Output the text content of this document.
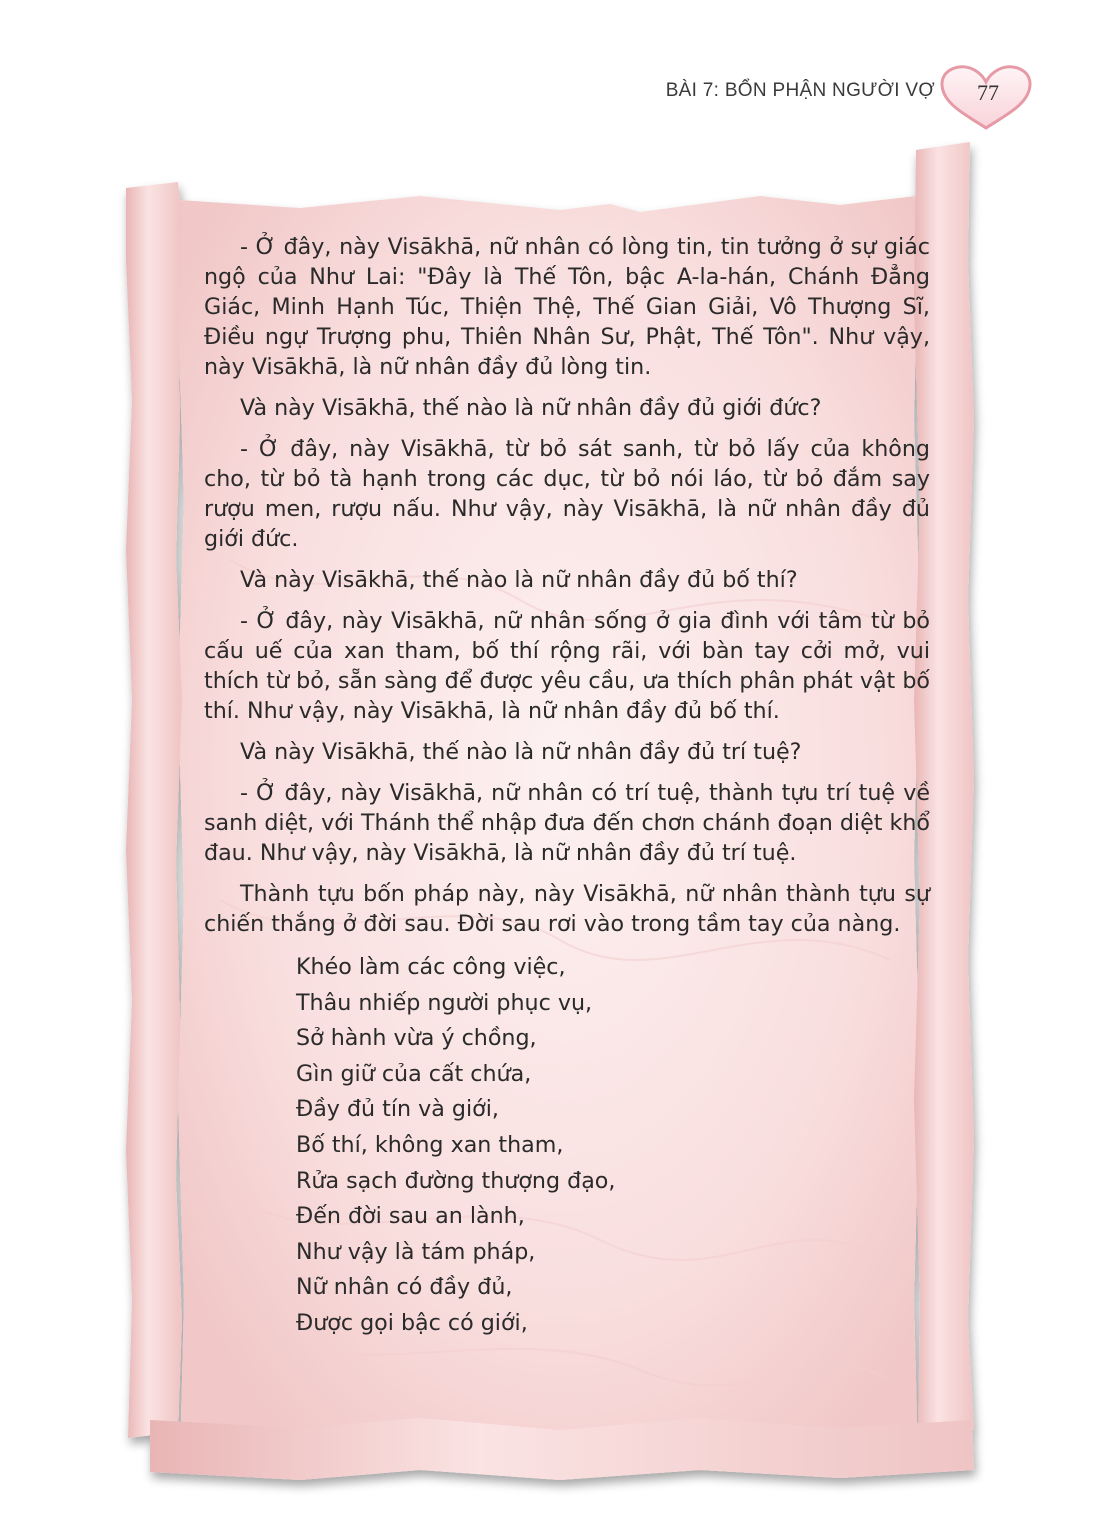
BÀI 7: BỔN PHẬN NGƯỜI VỢ	77

- Ở đây, này Visākhā, nữ nhân có lòng tin, tin tưởng ở sự giác ngộ của Như Lai: "Đây là Thế Tôn, bậc A-la-hán, Chánh Đẳng Giác, Minh Hạnh Túc, Thiện Thệ, Thế Gian Giải, Vô Thượng Sĩ, Điều ngự Trượng phu, Thiên Nhân Sư, Phật, Thế Tôn". Như vậy, này Visākhā, là nữ nhân đầy đủ lòng tin.

Và này Visākhā, thế nào là nữ nhân đầy đủ giới đức?

- Ở đây, này Visākhā, từ bỏ sát sanh, từ bỏ lấy của không cho, từ bỏ tà hạnh trong các dục, từ bỏ nói láo, từ bỏ đắm say rượu men, rượu nấu. Như vậy, này Visākhā, là nữ nhân đầy đủ giới đức.

Và này Visākhā, thế nào là nữ nhân đầy đủ bố thí?

- Ở đây, này Visākhā, nữ nhân sống ở gia đình với tâm từ bỏ cấu uế của xan tham, bố thí rộng rãi, với bàn tay cởi mở, vui thích từ bỏ, sẵn sàng để được yêu cầu, ưa thích phân phát vật bố thí. Như vậy, này Visākhā, là nữ nhân đầy đủ bố thí.

Và này Visākhā, thế nào là nữ nhân đầy đủ trí tuệ?

- Ở đây, này Visākhā, nữ nhân có trí tuệ, thành tựu trí tuệ về sanh diệt, với Thánh thể nhập đưa đến chơn chánh đoạn diệt khổ đau. Như vậy, này Visākhā, là nữ nhân đầy đủ trí tuệ.

Thành tựu bốn pháp này, này Visākhā, nữ nhân thành tựu sự chiến thắng ở đời sau. Đời sau rơi vào trong tầm tay của nàng.

Khéo làm các công việc,
Thâu nhiếp người phục vụ,
Sở hành vừa ý chồng,
Gìn giữ của cất chứa,
Đầy đủ tín và giới,
Bố thí, không xan tham,
Rửa sạch đường thượng đạo,
Đến đời sau an lành,
Như vậy là tám pháp,
Nữ nhân có đầy đủ,
Được gọi bậc có giới,
